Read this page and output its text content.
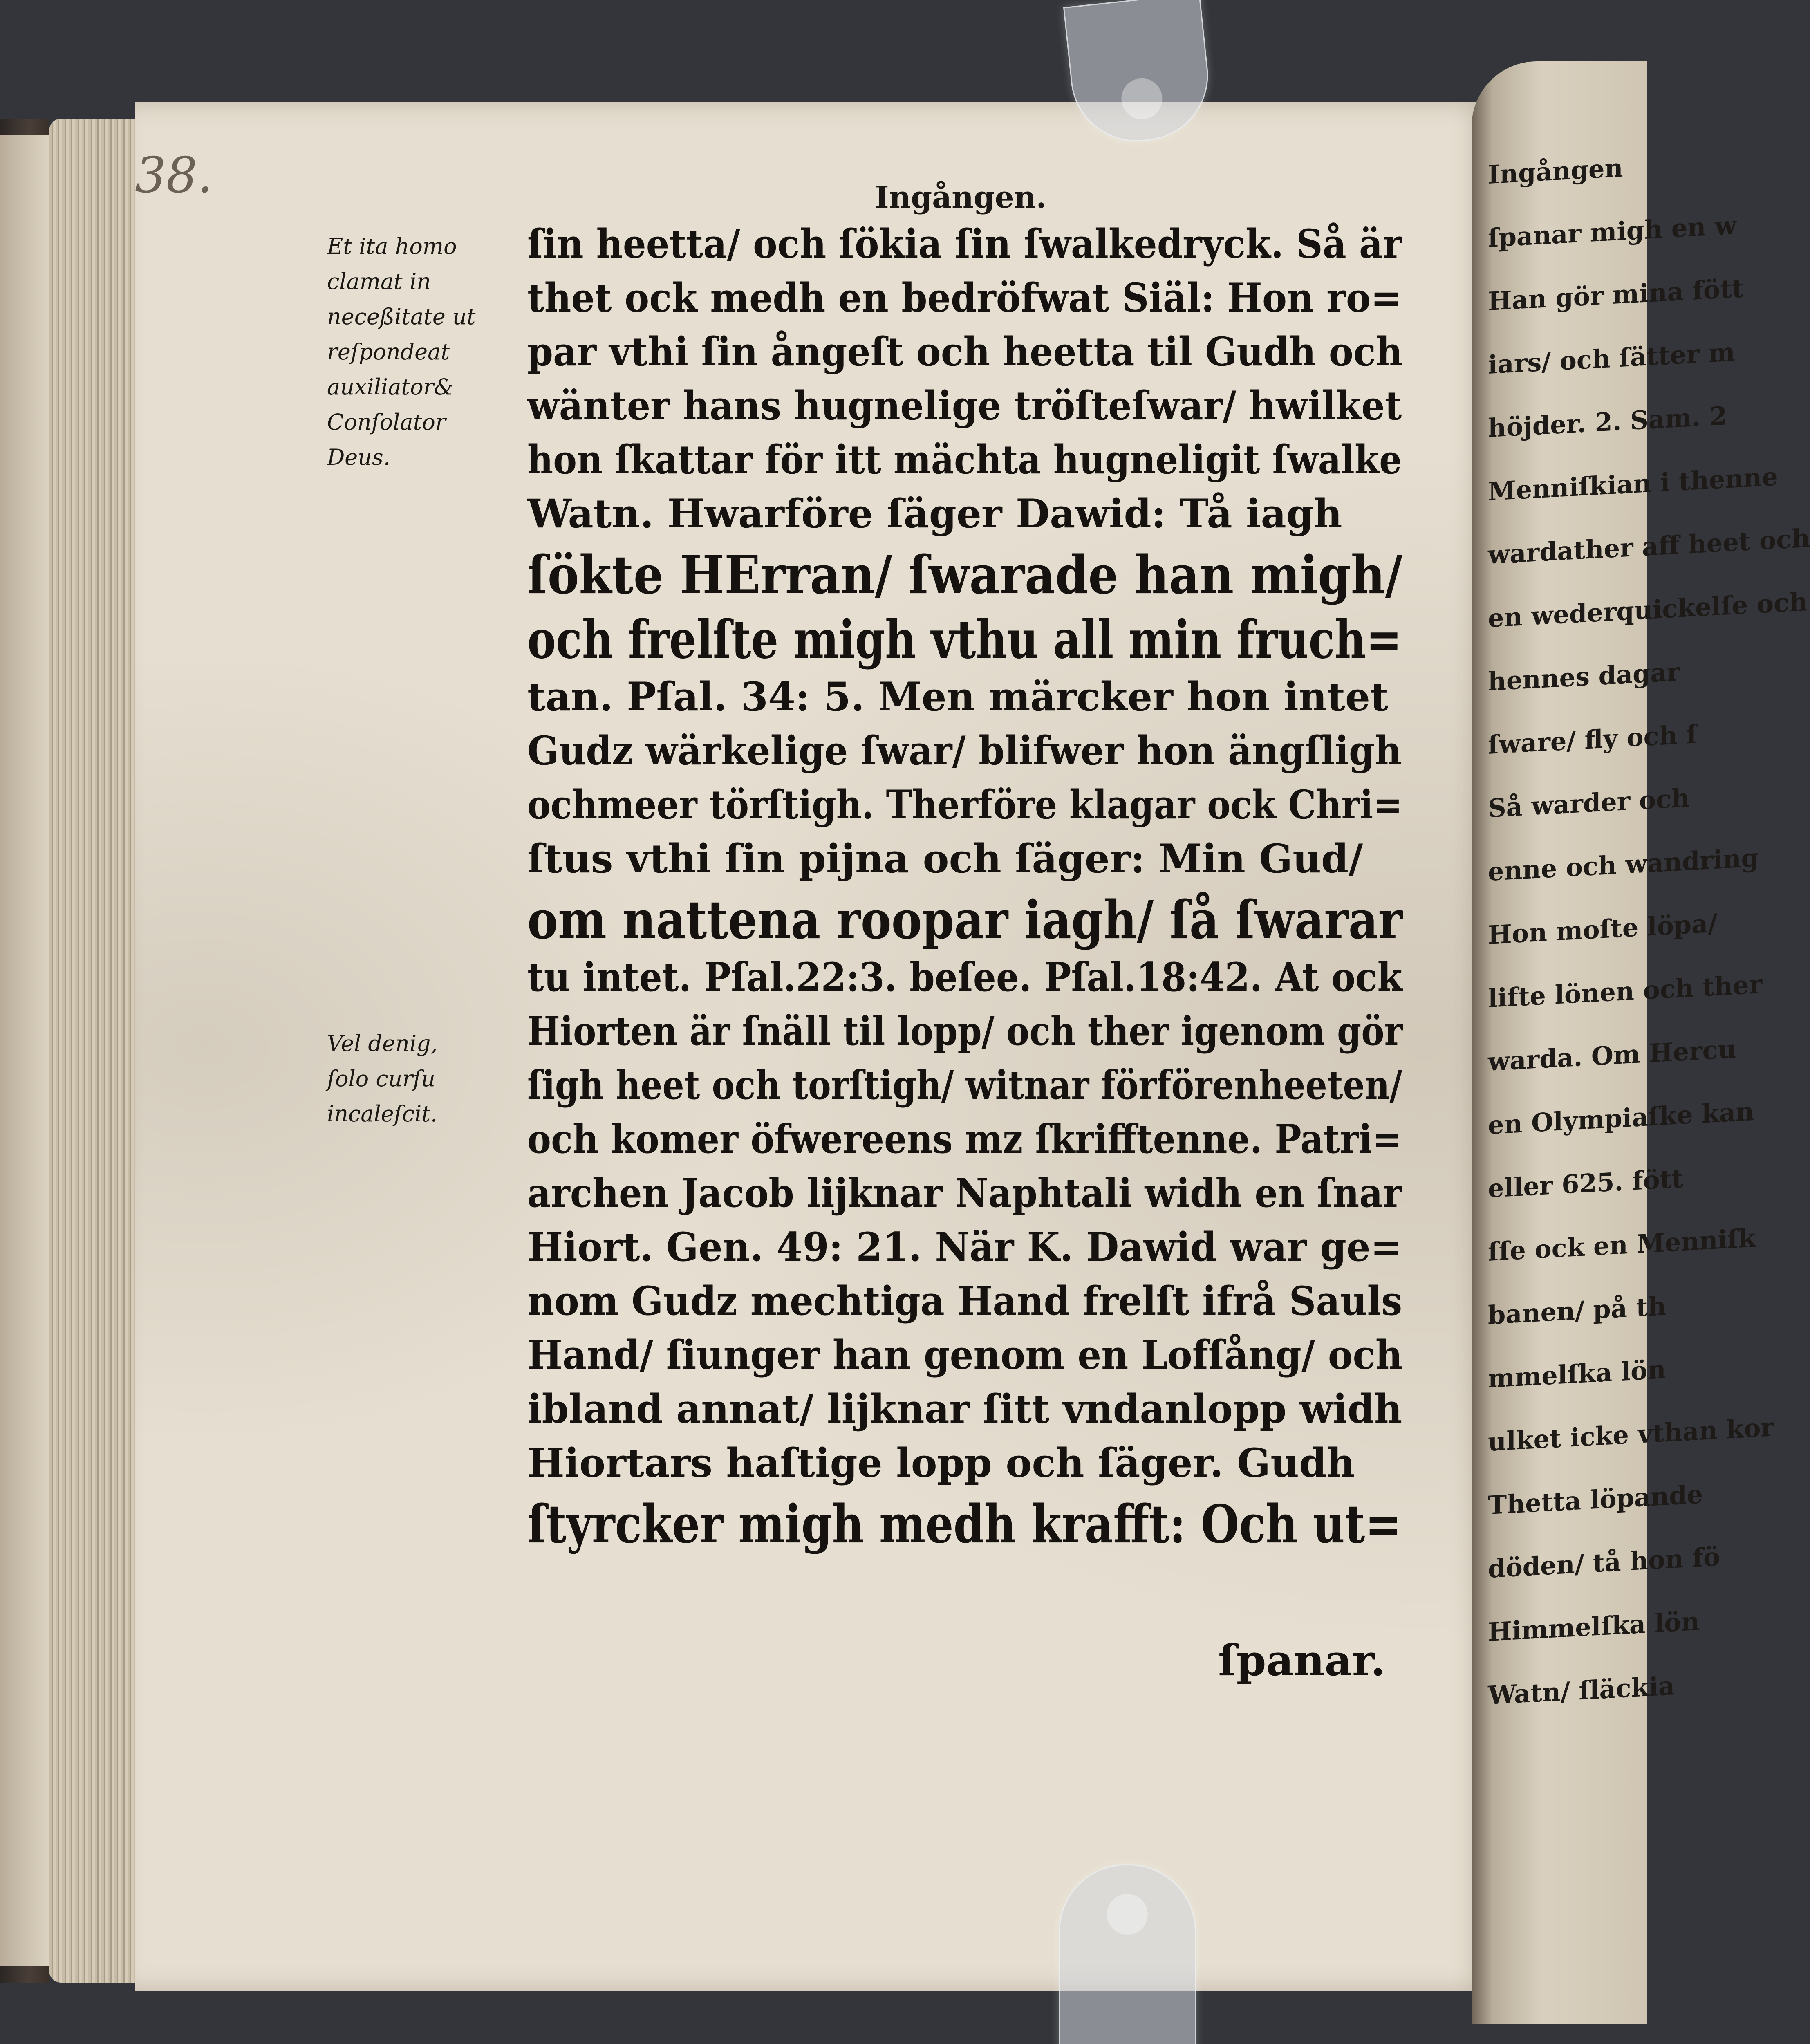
Ingången
ſpanar migh en w
Han gör mina fött
iars/ och ſätter m
höjder. 2. Sam. 2
Menniſkian i thenne
wardather aff heet och
en wederquickelſe och
hennes dagar
ſware/ fly och ſ
Så warder och
enne och wandring
Hon moſte löpa/
lifte lönen och ther
warda. Om Hercu
en Olympiaſke kan
eller 625. fött
ſſe ock en Menniſk
banen/ på th
mmelſka lön
ulket icke vthan kor
Thetta löpande
döden/ tå hon fö
Himmelſka lön
Watn/ ſläckia
38.	Ingången.
Et ita homo
clamat in
neceßitate ut
reſpondeat
auxiliator&
Conſolator
Deus.
Vel denig,
ſolo curſu
incaleſcit.
ſin heetta/ och ſökia ſin ſwalkedryck. Så är
thet ock medh en bedröfwat Siäl: Hon ro=
par vthi ſin ångeſt och heetta til Gudh och
wänter hans hugnelige tröſteſwar/ hwilket
hon ſkattar för itt mächta hugneligit ſwalke
Watn. Hwarföre ſäger Dawid: Tå iagh
ſökte HErran/ ſwarade han migh/
och frelſte migh vthu all min fruch=
tan. Pſal. 34: 5. Men märcker hon intet
Gudz wärkelige ſwar/ blifwer hon ängſligh
ochmeer törſtigh. Therföre klagar ock Chri=
ſtus vthi ſin pijna och ſäger: Min Gud/
om nattena roopar iagh/ ſå ſwarar
tu intet. Pſal.22:3. beſee. Pſal.18:42. At ock
Hiorten är ſnäll til lopp/ och ther igenom gör
ſigh heet och torſtigh/ witnar förförenheeten/
och komer öfwereens mz ſkrifftenne. Patri=
archen Jacob lijknar Naphtali widh en ſnar
Hiort. Gen. 49: 21. När K. Dawid war ge=
nom Gudz mechtiga Hand frelſt ifrå Sauls
Hand/ ſiunger han genom en Lofſång/ och
ibland annat/ lijknar ſitt vndanlopp widh
Hiortars haſtige lopp och ſäger. Gudh
ſtyrcker migh medh krafft: Och ut=
ſpanar.
